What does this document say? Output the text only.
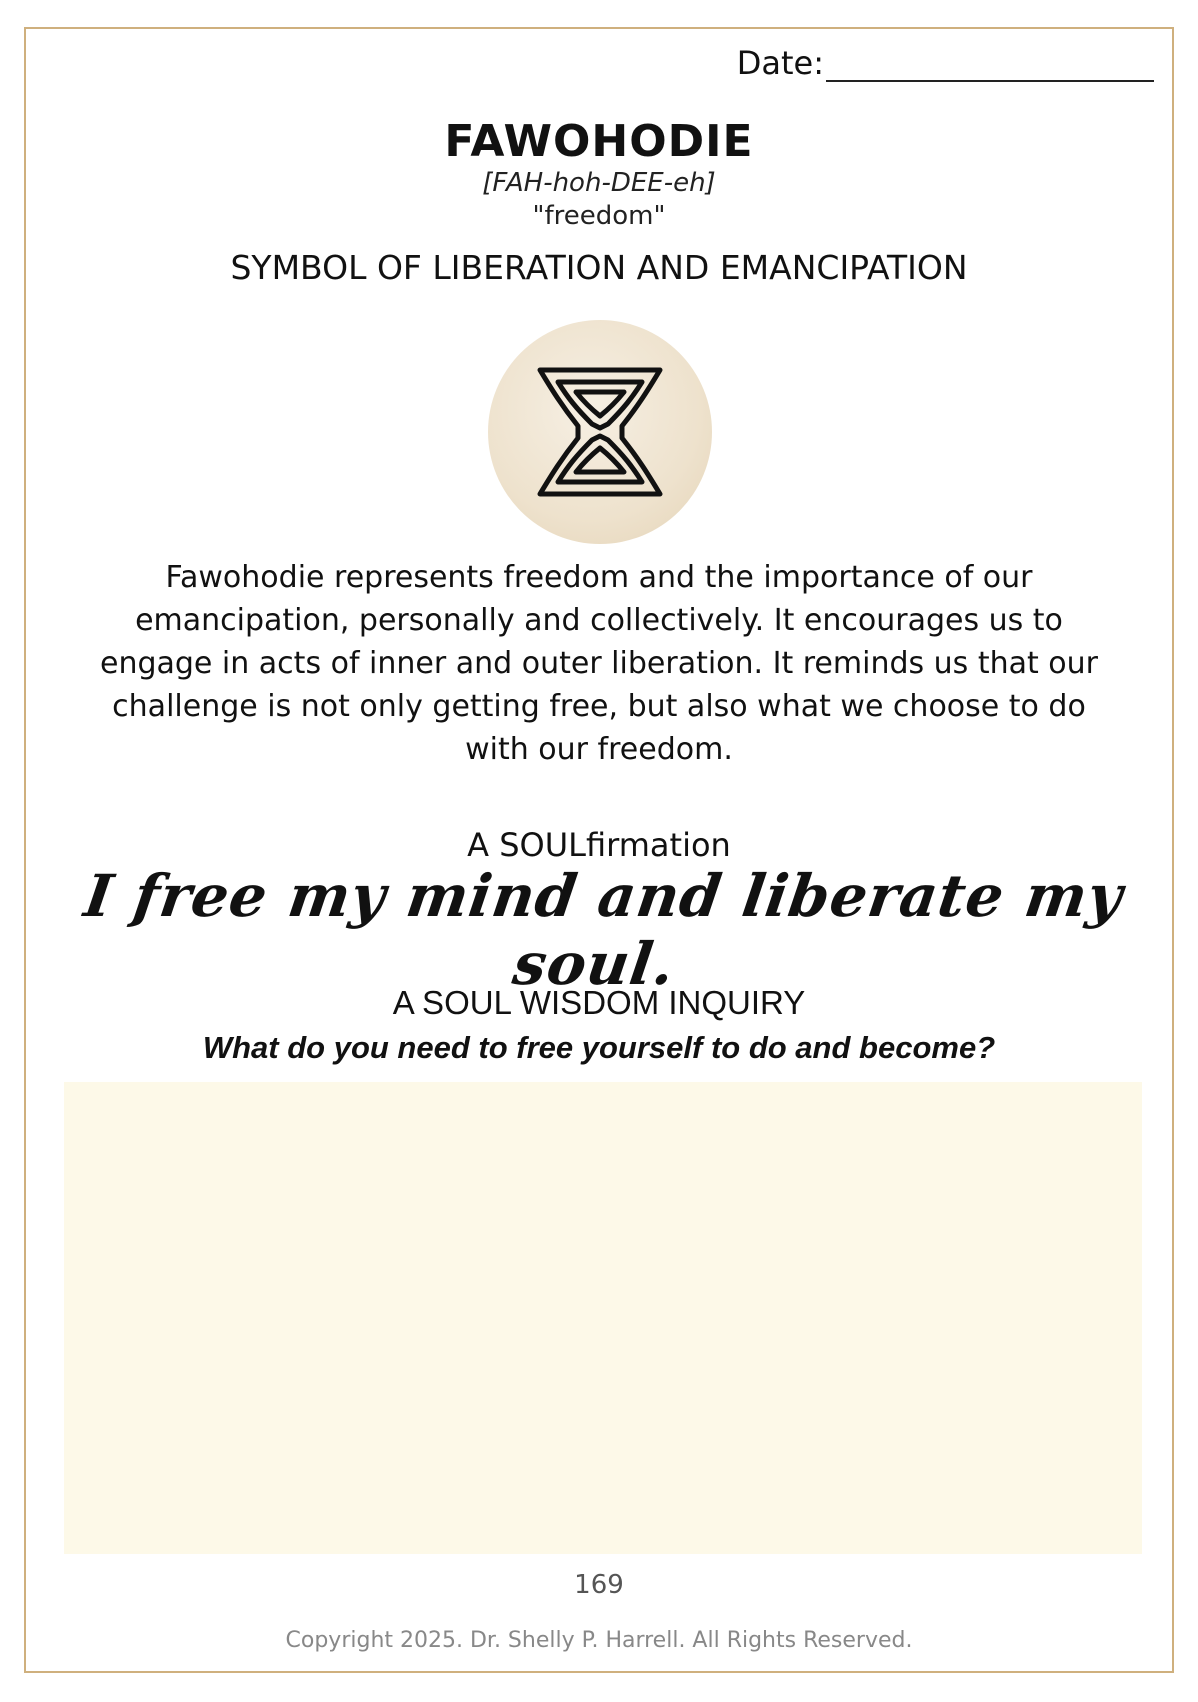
Date:
FAWOHODIE
[FAH-hoh-DEE-eh]
"freedom"
SYMBOL OF LIBERATION AND EMANCIPATION
Fawohodie represents freedom and the importance of our emancipation, personally and collectively. It encourages us to engage in acts of inner and outer liberation. It reminds us that our challenge is not only getting free, but also what we choose to do with our freedom.
A SOULfirmation
I free my mind and liberate my soul.
A SOUL WISDOM INQUIRY
What do you need to free yourself to do and become?
169
Copyright 2025. Dr. Shelly P. Harrell. All Rights Reserved.
